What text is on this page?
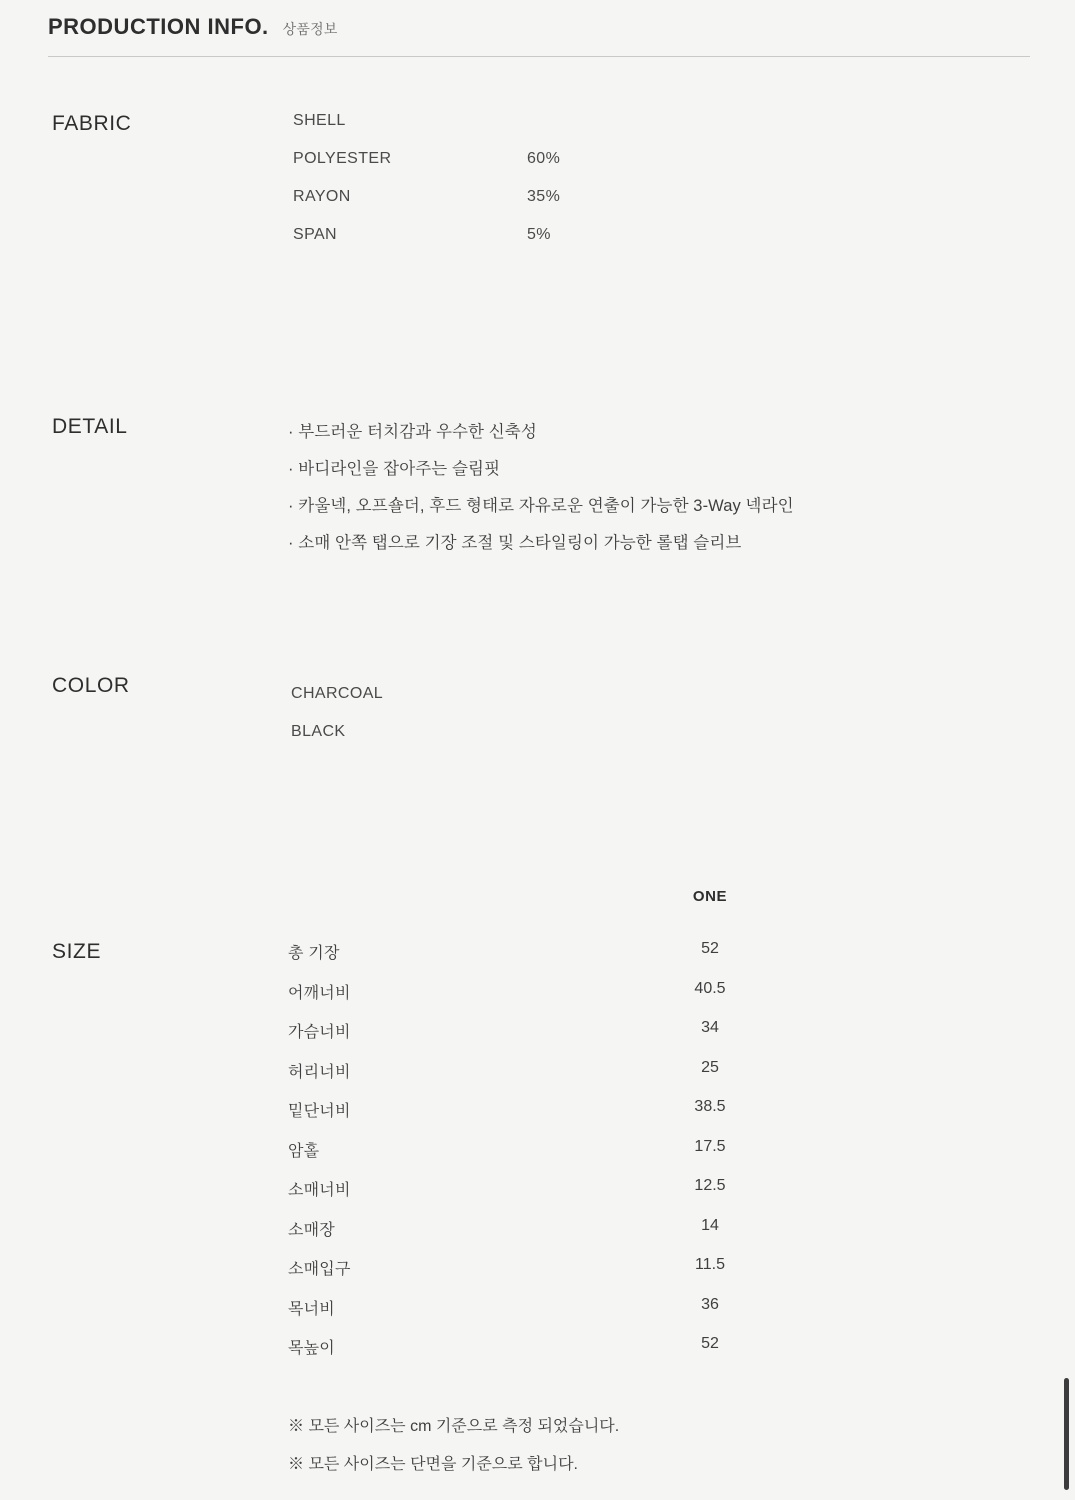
PRODUCTION INFO. 상품정보
FABRIC	SHELL
POLYESTER	60%
RAYON	35%
SPAN	5%
DETAIL	· 부드러운 터치감과 우수한 신축성
· 바디라인을 잡아주는 슬림핏
· 카울넥, 오프숄더, 후드 형태로 자유로운 연출이 가능한 3-Way 넥라인
· 소매 안쪽 탭으로 기장 조절 및 스타일링이 가능한 롤탭 슬리브
COLOR	CHARCOAL
BLACK
SIZE
ONE
총 기장	52
어깨너비	40.5
가슴너비	34
허리너비	25
밑단너비	38.5
암홀	17.5
소매너비	12.5
소매장	14
소매입구	11.5
목너비	36
목높이	52
※ 모든 사이즈는 cm 기준으로 측정 되었습니다.
※ 모든 사이즈는 단면을 기준으로 합니다.
